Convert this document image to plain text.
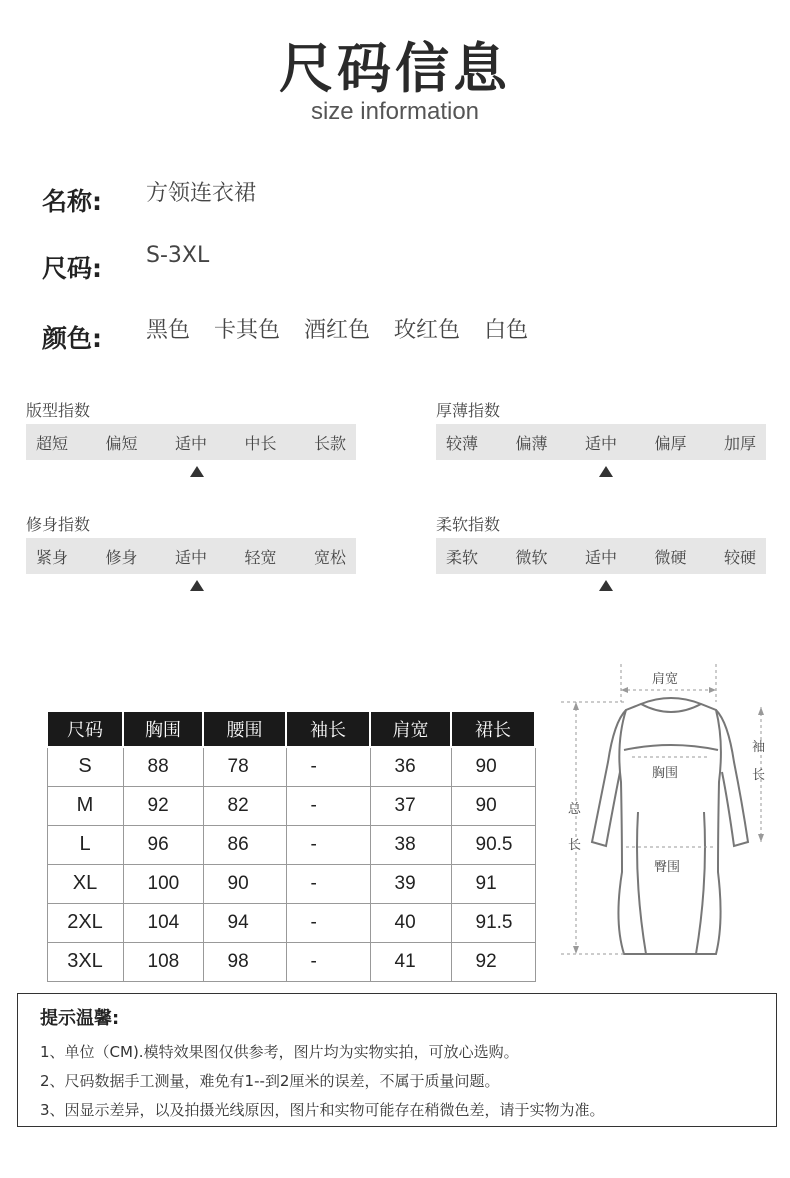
尺码信息
size information
名称:	方领连衣裙
尺码:	S-3XL
颜色:	黑色 卡其色 酒红色 玫红色 白色
版型指数
超短 偏短 适中 中长 长款
厚薄指数
较薄 偏薄 适中 偏厚 加厚
修身指数
紧身 修身 适中 轻宽 宽松
柔软指数
柔软 微软 适中 微硬 较硬
尺码	胸围	腰围	袖长	肩宽	裙长
S	88	78	-	36	90
M	92	82	-	37	90
L	96	86	-	38	90.5
XL	100	90	-	39	91
2XL	104	94	-	40	91.5
3XL	108	98	-	41	92
肩宽
胸围
臀围
袖
长
总
长
提示温馨:
1、单位（CM).模特效果图仅供参考，图片均为实物实拍，可放心选购。
2、尺码数据手工测量，难免有1--到2厘米的误差，不属于质量问题。
3、因显示差异，以及拍摄光线原因，图片和实物可能存在稍微色差，请于实物为准。
